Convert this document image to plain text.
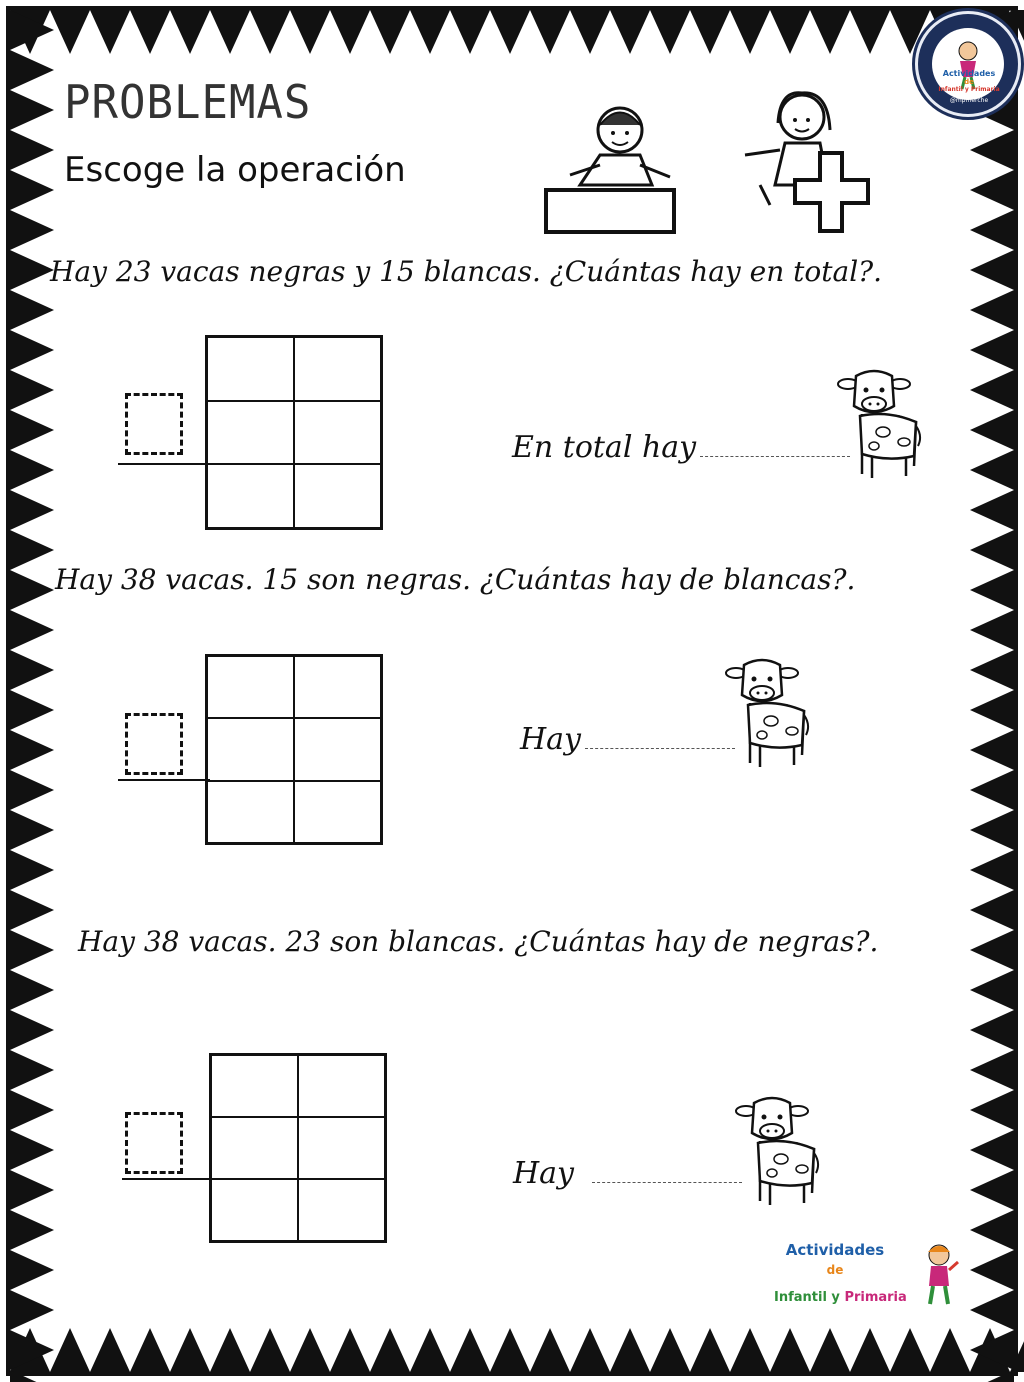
PROBLEMAS
Escoge la operación
Actividades
de
Infantil y Primaria
@mpmerche
Hay 23 vacas negras y 15 blancas. ¿Cuántas hay en total?.
En total hay
Hay 38 vacas. 15 son negras. ¿Cuántas hay de blancas?.
Hay
Hay 38 vacas. 23 son blancas. ¿Cuántas hay de negras?.
Hay
Actividades
de
Infantil y Primaria
